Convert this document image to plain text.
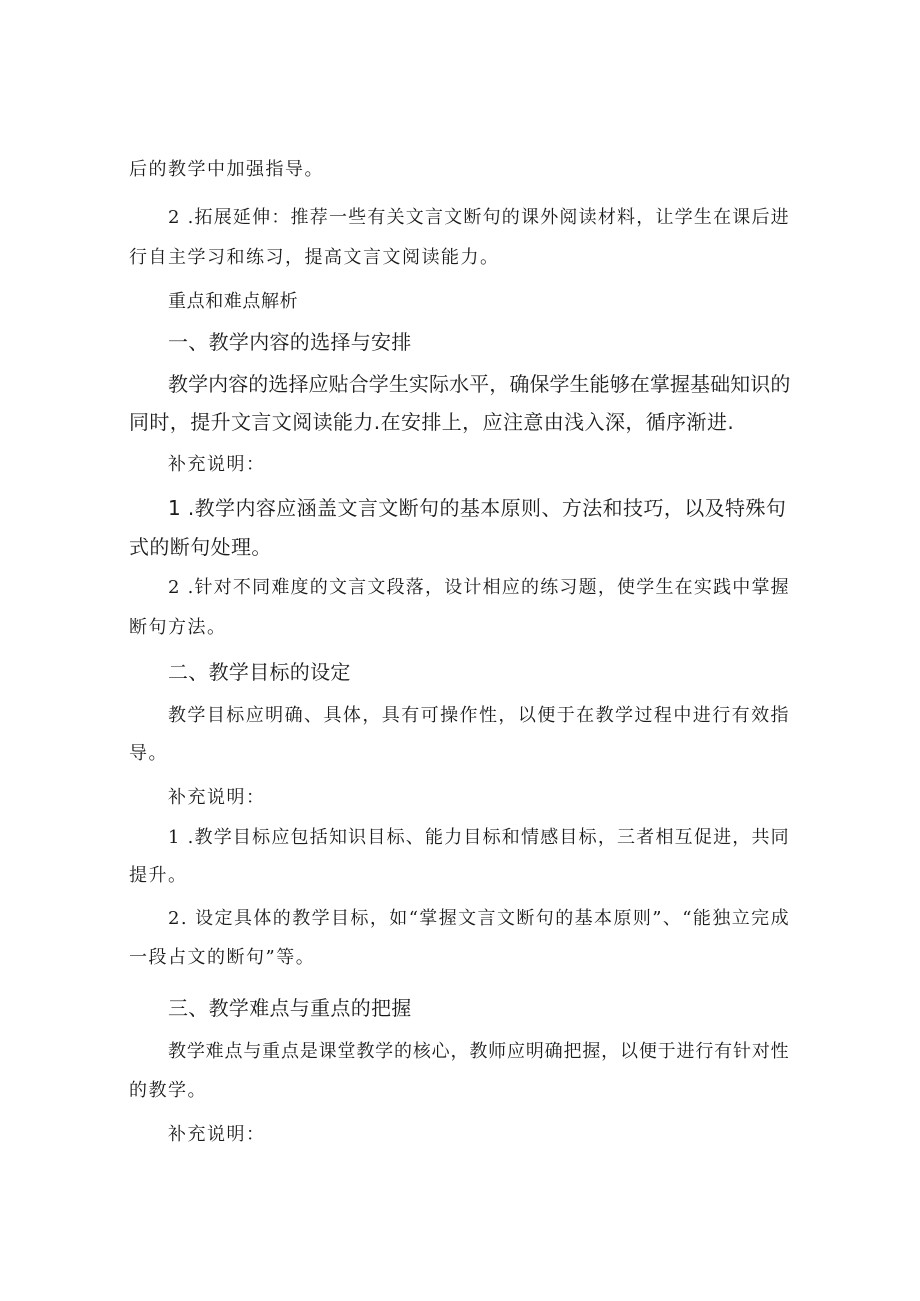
后的教学中加强指导。
2 .拓展延伸：推荐一些有关文言文断句的课外阅读材料，让学生在课后进
行自主学习和练习，提高文言文阅读能力。
重点和难点解析
一、教学内容的选择与安排
教学内容的选择应贴合学生实际水平，确保学生能够在掌握基础知识的
同时，提升文言文阅读能力.在安排上，应注意由浅入深，循序渐进.
补充说明：
1 .教学内容应涵盖文言文断句的基本原则、方法和技巧，以及特殊句
式的断句处理。
2 .针对不同难度的文言文段落，设计相应的练习题，使学生在实践中掌握
断句方法。
二、教学目标的设定
教学目标应明确、具体，具有可操作性，以便于在教学过程中进行有效指
导。
补充说明：
1 .教学目标应包括知识目标、能力目标和情感目标，三者相互促进，共同
提升。
2. 设定具体的教学目标，如“掌握文言文断句的基本原则”、“能独立完成
一段占文的断句”等。
三、教学难点与重点的把握
教学难点与重点是课堂教学的核心，教师应明确把握，以便于进行有针对性
的教学。
补充说明：
